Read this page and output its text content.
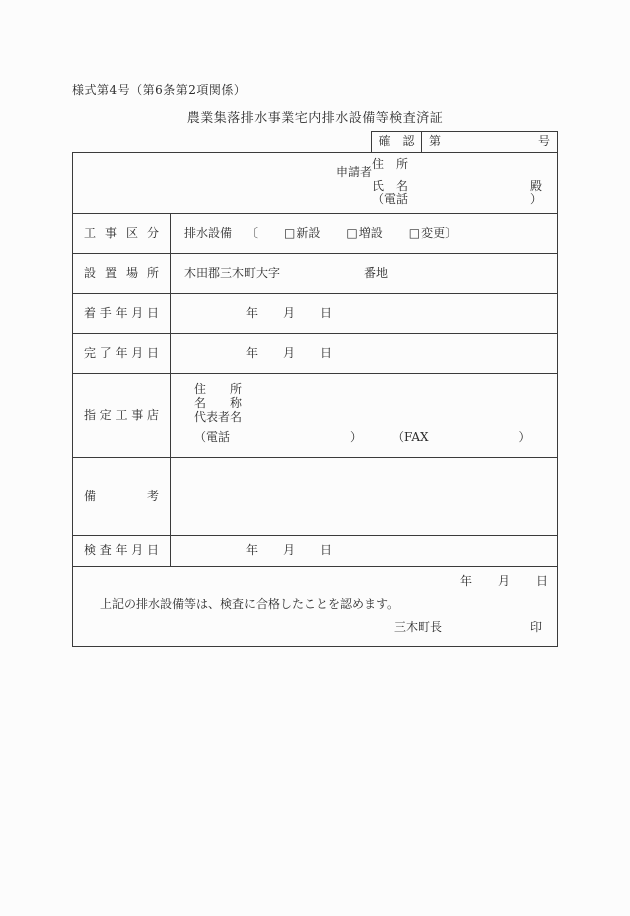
様式第4号（第6条第2項関係）
農業集落排水事業宅内排水設備等検査済証
確　認	第	号
申請者
住　所
氏　名	殿
（電話	）
工事区分	排水設備 〔 □新設 □増設 □変更 〕
設置場所	木田郡三木町大字	番地
着手年月日	年 月 日
完了年月日	年 月 日
指定工事店
住　　所
名　　称
代表者名
（電話	）	（FAX	）
備考
検査年月日	年 月 日
年 月 日
上記の排水設備等は、検査に合格したことを認めます。
三木町長	印
